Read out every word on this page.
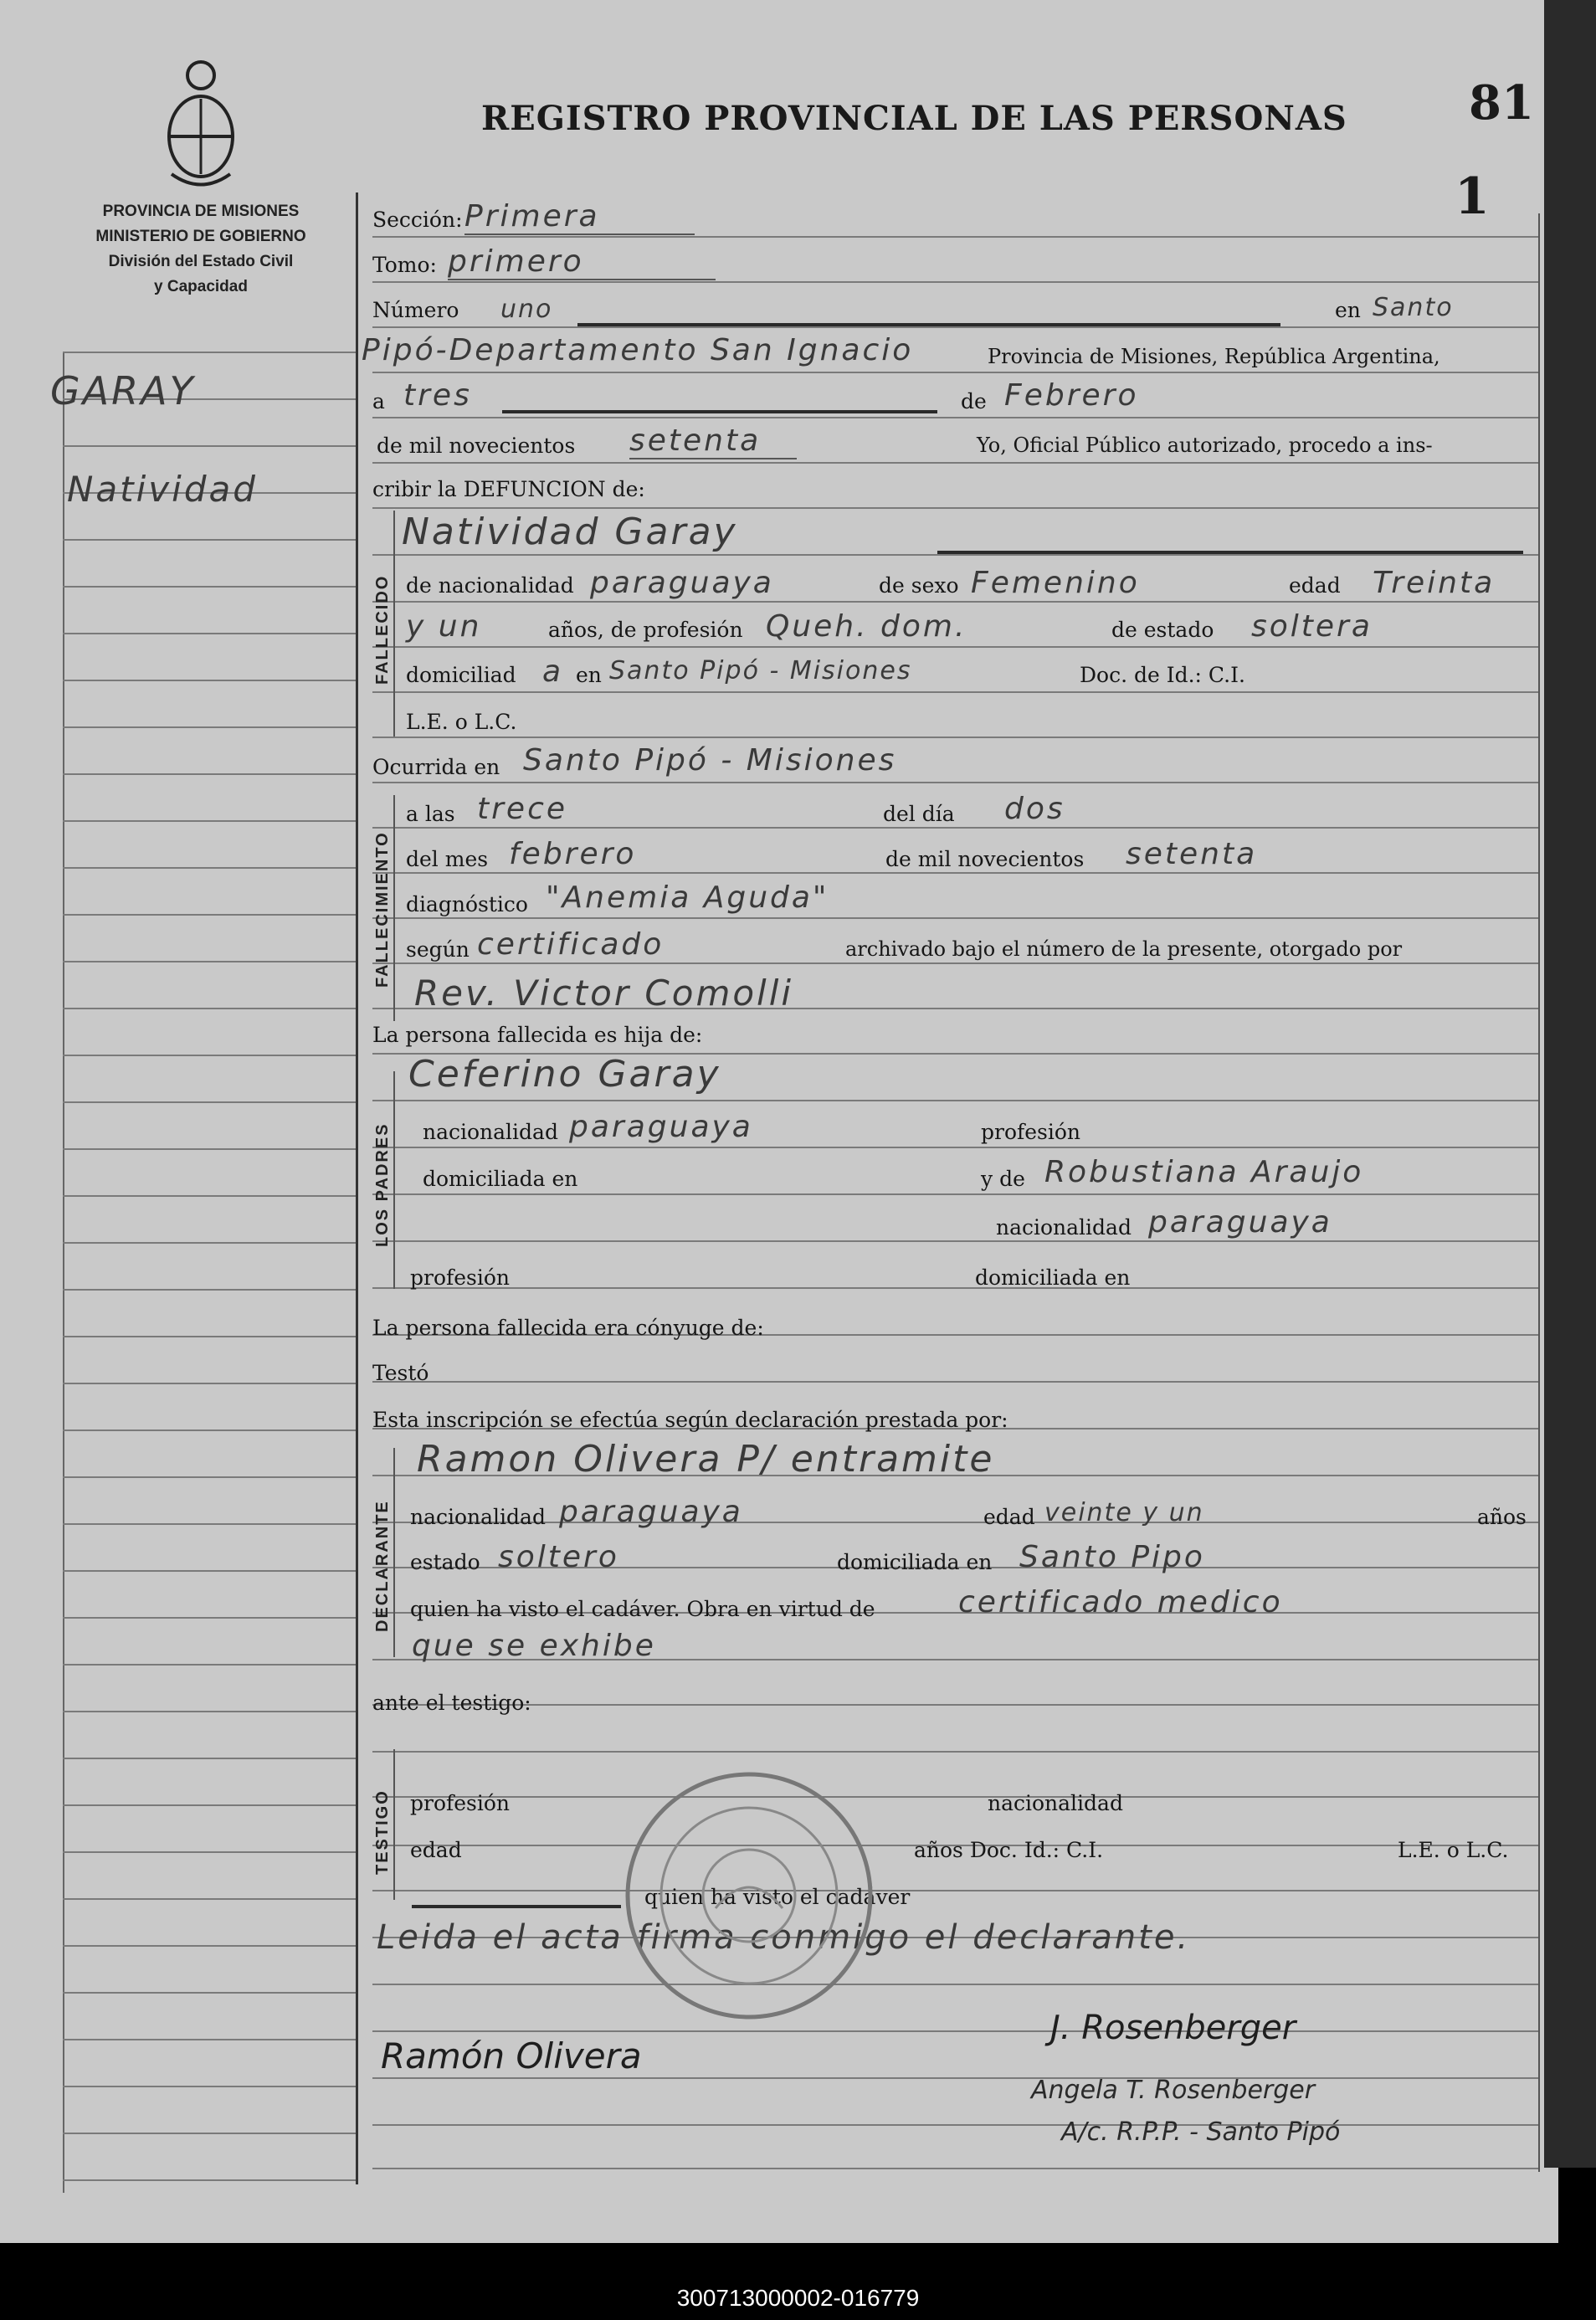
PROVINCIA DE MISIONES
MINISTERIO DE GOBIERNO
División del Estado Civil
y Capacidad
REGISTRO PROVINCIAL DE LAS PERSONAS	81
1
GARAY
Natividad
FALLECIDO
FALLECIMIENTO
LOS PADRES
DECLARANTE
TESTIGO
Sección: Primera
Tomo: primero
Número uno	en Santo
Pipó-Departamento San Ignacio	Provincia de Misiones, República Argentina,
a tres	de Febrero
de mil novecientos setenta	Yo, Oficial Público autorizado, procedo a ins-
cribir la DEFUNCION de:
Natividad Garay
de nacionalidad paraguaya	de sexo Femenino	edad Treinta
y un	años, de profesión Queh. dom.	de estado soltera
domiciliad a en Santo Pipó - Misiones	Doc. de Id.: C.I.
L.E. o L.C.
Ocurrida en Santo Pipó - Misiones
a las trece	del día dos
del mes febrero	de mil novecientos setenta
diagnóstico "Anemia Aguda"
según certificado	archivado bajo el número de la presente, otorgado por
Rev. Victor Comolli
La persona fallecida es hija de:
Ceferino Garay
nacionalidad paraguaya	profesión
domiciliada en	y de Robustiana Araujo
nacionalidad paraguaya
profesión	domiciliada en
La persona fallecida era cónyuge de:
Testó
Esta inscripción se efectúa según declaración prestada por:
Ramon Olivera P/ entramite
nacionalidad paraguaya	edad veinte y un	años
estado soltero	domiciliada en Santo Pipo
quien ha visto el cadáver. Obra en virtud de	certificado medico
que se exhibe
ante el testigo:
profesión	nacionalidad
edad	años Doc. Id.: C.I.	L.E. o L.C.
quien ha visto el cadáver
Leida el acta firma conmigo el declarante.
Ramón Olivera
J. Rosenberger
Angela T. Rosenberger
A/c. R.P.P. - Santo Pipó
300713000002-016779
